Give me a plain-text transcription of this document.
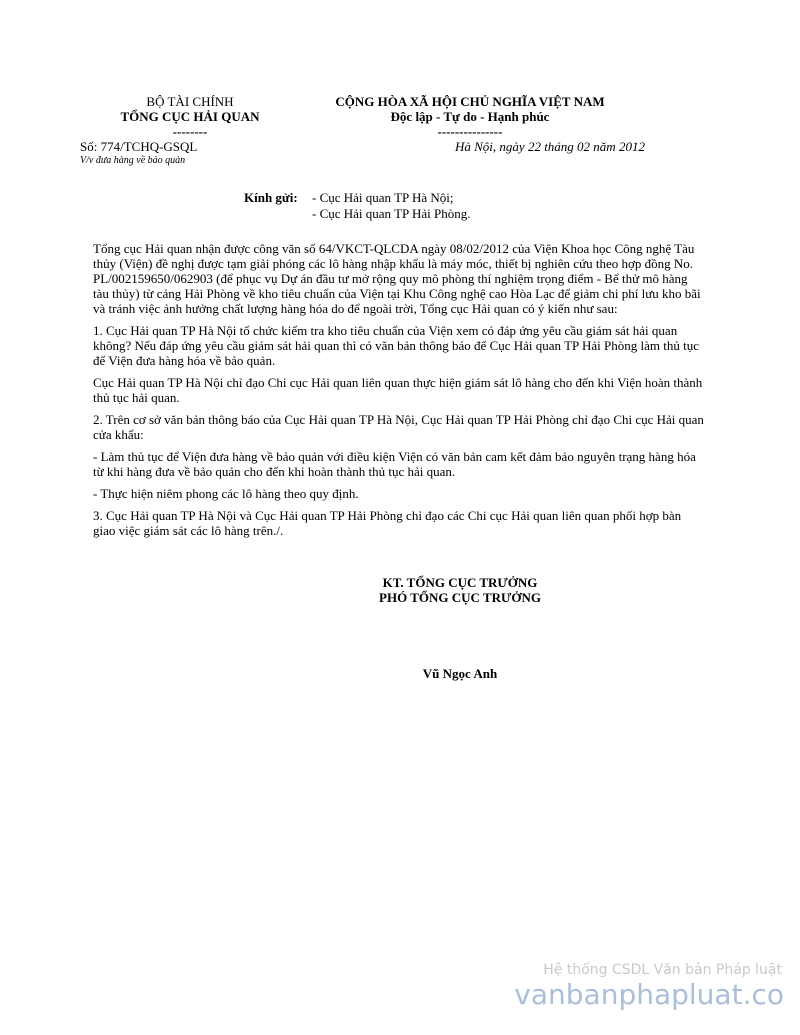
BỘ TÀI CHÍNH
TỔNG CỤC HẢI QUAN
--------
CỘNG HÒA XÃ HỘI CHỦ NGHĨA VIỆT NAM
Độc lập - Tự do - Hạnh phúc
---------------
Số: 774/TCHQ-GSQL
V/v đưa hàng về bảo quản
Hà Nội, ngày 22 tháng 02 năm 2012
Kính gửi: - Cục Hải quan TP Hà Nội;
- Cục Hải quan TP Hải Phòng.

Tổng cục Hải quan nhận được công văn số 64/VKCT-QLCDA ngày 08/02/2012 của Viện Khoa học Công nghệ Tàu thủy (Viện) đề nghị được tạm giải phóng các lô hàng nhập khẩu là máy móc, thiết bị nghiên cứu theo hợp đồng No. PL/002159650/062903 (để phục vụ Dự án đầu tư mở rộng quy mô phòng thí nghiệm trọng điểm - Bể thử mô hàng tàu thủy) từ cảng Hải Phòng về kho tiêu chuẩn của Viện tại Khu Công nghệ cao Hòa Lạc để giảm chi phí lưu kho bãi và tránh việc ảnh hưởng chất lượng hàng hóa do để ngoài trời, Tổng cục Hải quan có ý kiến như sau:

1. Cục Hải quan TP Hà Nội tổ chức kiểm tra kho tiêu chuẩn của Viện xem có đáp ứng yêu cầu giám sát hải quan không? Nếu đáp ứng yêu cầu giám sát hải quan thì có văn bản thông báo để Cục Hải quan TP Hải Phòng làm thủ tục để Viện đưa hàng hóa về bảo quản.

Cục Hải quan TP Hà Nội chỉ đạo Chi cục Hải quan liên quan thực hiện giám sát lô hàng cho đến khi Viện hoàn thành thủ tục hải quan.

2. Trên cơ sở văn bản thông báo của Cục Hải quan TP Hà Nội, Cục Hải quan TP Hải Phòng chỉ đạo Chi cục Hải quan cửa khẩu:

- Làm thủ tục để Viện đưa hàng về bảo quản với điều kiện Viện có văn bản cam kết đảm bảo nguyên trạng hàng hóa từ khi hàng đưa về bảo quản cho đến khi hoàn thành thủ tục hải quan.

- Thực hiện niêm phong các lô hàng theo quy định.

3. Cục Hải quan TP Hà Nội và Cục Hải quan TP Hải Phòng chỉ đạo các Chi cục Hải quan liên quan phối hợp bàn giao việc giám sát các lô hàng trên./.

KT. TỔNG CỤC TRƯỞNG
PHÓ TỔNG CỤC TRƯỞNG
Vũ Ngọc Anh
Hệ thống CSDL Văn bản Pháp luật
vanbanphapluat.co
